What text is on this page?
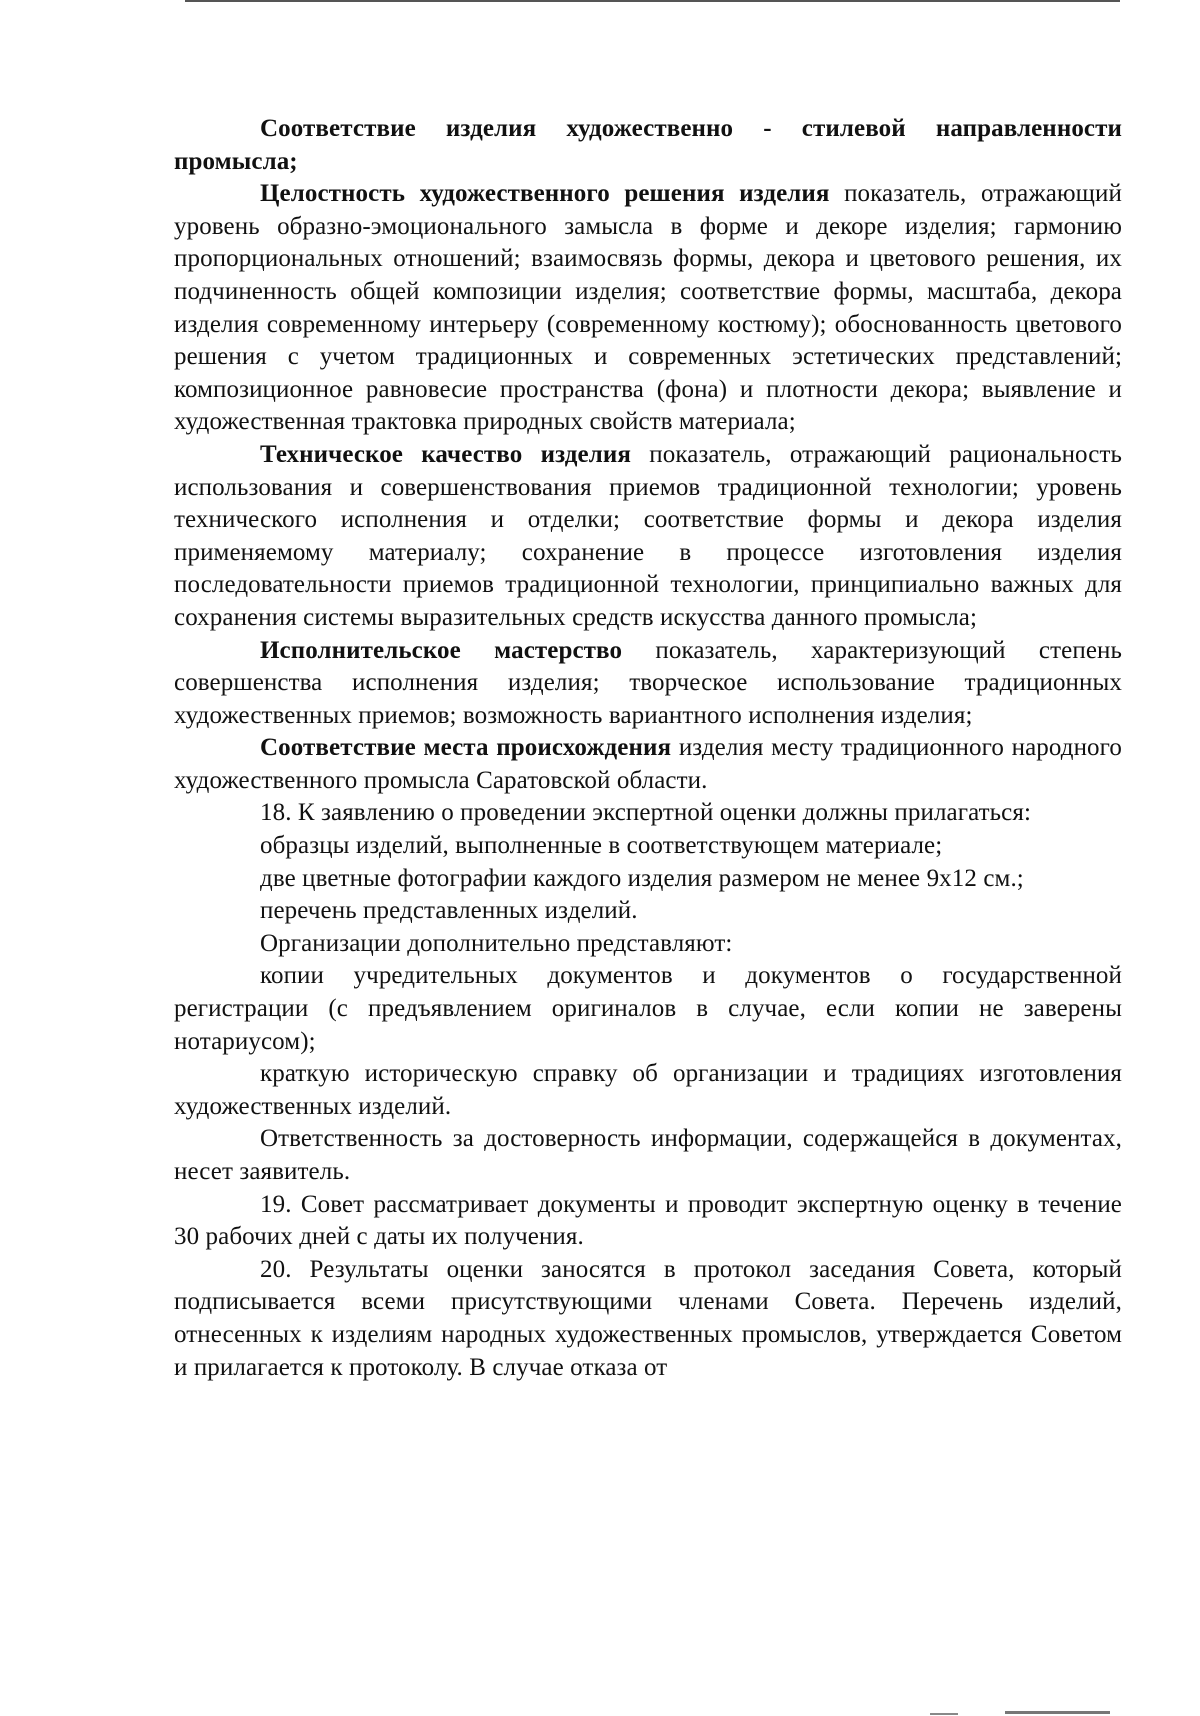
Соответствие изделия художественно - стилевой направленности промысла;

Целостность художественного решения изделия показатель, отражающий уровень образно-эмоционального замысла в форме и декоре изделия; гармонию пропорциональных отношений; взаимосвязь формы, декора и цветового решения, их подчиненность общей композиции изделия; соответствие формы, масштаба, декора изделия современному интерьеру (современному костюму); обоснованность цветового решения с учетом традиционных и современных эстетических представлений; композиционное равновесие пространства (фона) и плотности декора; выявление и художественная трактовка природных свойств материала;

Техническое качество изделия показатель, отражающий рациональность использования и совершенствования приемов традиционной технологии; уровень технического исполнения и отделки; соответствие формы и декора изделия применяемому материалу; сохранение в процессе изготовления изделия последовательности приемов традиционной технологии, принципиально важных для сохранения системы выразительных средств искусства данного промысла;

Исполнительское мастерство показатель, характеризующий степень совершенства исполнения изделия; творческое использование традиционных художественных приемов; возможность вариантного исполнения изделия;

Соответствие места происхождения изделия месту традиционного народного художественного промысла Саратовской области.

18. К заявлению о проведении экспертной оценки должны прилагаться:

образцы изделий, выполненные в соответствующем материале;

две цветные фотографии каждого изделия размером не менее 9х12 см.;

перечень представленных изделий.

Организации дополнительно представляют:

копии учредительных документов и документов о государственной регистрации (с предъявлением оригиналов в случае, если копии не заверены нотариусом);

краткую историческую справку об организации и традициях изготовления художественных изделий.

Ответственность за достоверность информации, содержащейся в документах, несет заявитель.

19. Совет рассматривает документы и проводит экспертную оценку в течение 30 рабочих дней с даты их получения.

20. Результаты оценки заносятся в протокол заседания Совета, который подписывается всеми присутствующими членами Совета. Перечень изделий, отнесенных к изделиям народных художественных промыслов, утверждается Советом и прилагается к протоколу. В случае отказа от
